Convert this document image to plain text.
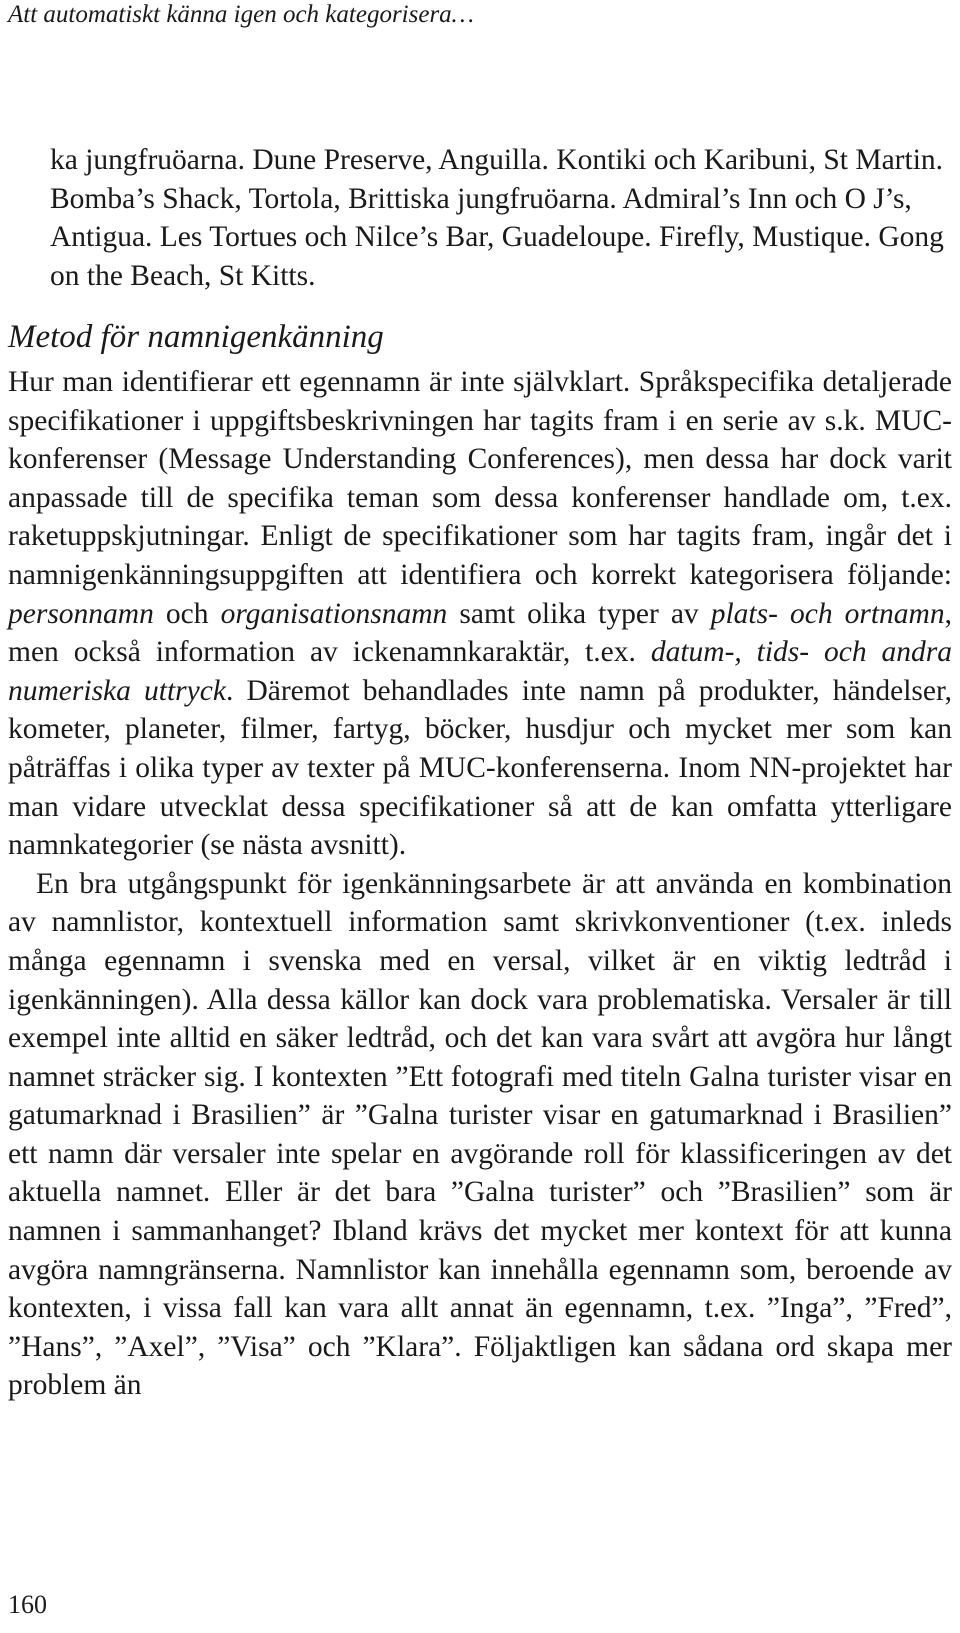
Att automatiskt känna igen och kategorisera…
ka jungfruöarna. Dune Preserve, Anguilla. Kontiki och Karibuni, St Martin. Bomba’s Shack, Tortola, Brittiska jungfruöarna. Admiral’s Inn och O J’s, Antigua. Les Tortues och Nilce’s Bar, Guadeloupe. Firefly, Mustique. Gong on the Beach, St Kitts.
Metod för namnigenkänning

Hur man identifierar ett egennamn är inte självklart. Språkspecifika detaljerade specifikationer i uppgiftsbeskrivningen har tagits fram i en serie av s.k. MUC-konferenser (Message Understanding Conferences), men dessa har dock varit anpassade till de specifika teman som dessa konferenser handlade om, t.ex. raketuppskjutningar. Enligt de specifikationer som har tagits fram, ingår det i namnigenkänningsuppgiften att identifiera och korrekt kategorisera följande: personnamn och organisationsnamn samt olika typer av plats- och ortnamn, men också information av ickenamnkaraktär, t.ex. datum-, tids- och andra numeriska uttryck. Däremot behandlades inte namn på produkter, händelser, kometer, planeter, filmer, fartyg, böcker, husdjur och mycket mer som kan påträffas i olika typer av texter på MUC-konferenserna. Inom NN-projektet har man vidare utvecklat dessa specifikationer så att de kan omfatta ytterligare namnkategorier (se nästa avsnitt).

En bra utgångspunkt för igenkänningsarbete är att använda en kombination av namnlistor, kontextuell information samt skrivkonventioner (t.ex. inleds många egennamn i svenska med en versal, vilket är en viktig ledtråd i igenkänningen). Alla dessa källor kan dock vara problematiska. Versaler är till exempel inte alltid en säker ledtråd, och det kan vara svårt att avgöra hur långt namnet sträcker sig. I kontexten ”Ett fotografi med titeln Galna turister visar en gatumarknad i Brasilien” är ”Galna turister visar en gatumarknad i Brasilien” ett namn där versaler inte spelar en avgörande roll för klassificeringen av det aktuella namnet. Eller är det bara ”Galna turister” och ”Brasilien” som är namnen i sammanhanget? Ibland krävs det mycket mer kontext för att kunna avgöra namngränserna. Namnlistor kan innehålla egennamn som, beroende av kontexten, i vissa fall kan vara allt annat än egennamn, t.ex. ”Inga”, ”Fred”, ”Hans”, ”Axel”, ”Visa” och ”Klara”. Följaktligen kan sådana ord skapa mer problem än

160
